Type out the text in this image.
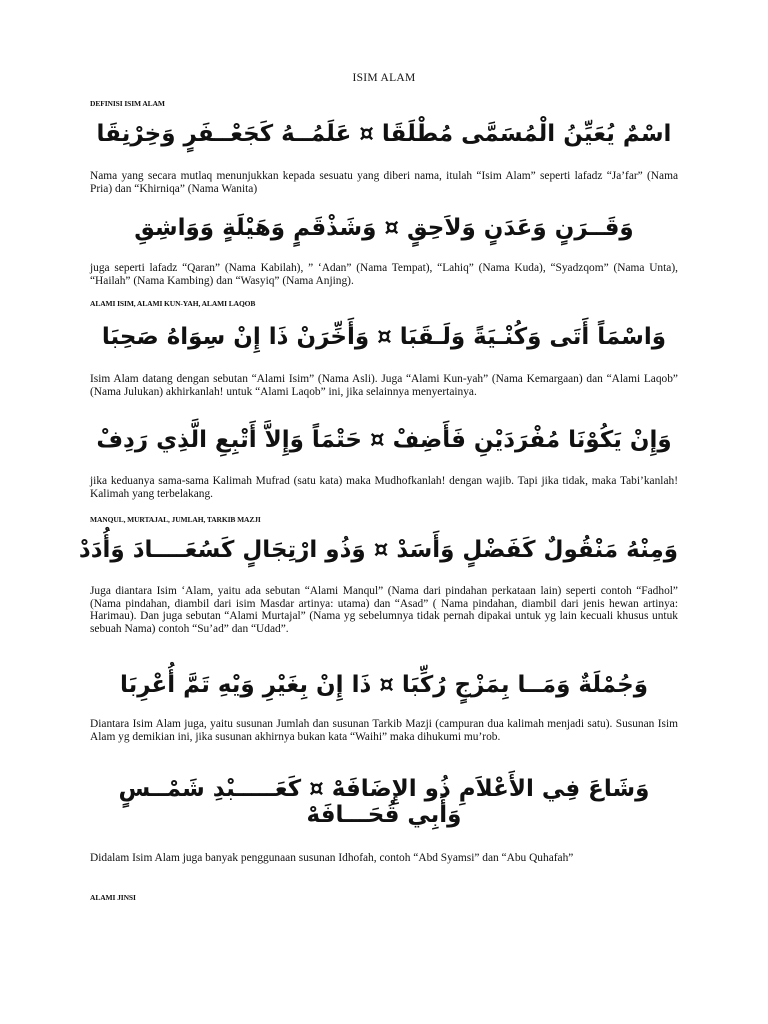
ISIM ALAM
DEFINISI ISIM ALAM
اسْمٌ يُعَيِّنُ الْمُسَمَّى مُطْلَقَا ¤ عَلَمُــهُ كَجَعْــفَرٍ وَخِرْنِقَا
Nama yang secara mutlaq menunjukkan kepada sesuatu yang diberi nama, itulah “Isim Alam” seperti lafadz “Ja’far” (Nama Pria) dan “Khirniqa” (Nama Wanita)
وَقَــرَنٍ وَعَدَنٍ وَلاَحِقٍ ¤ وَشَذْقَمٍ وَهَيْلَةٍ وَوَاشِقِ
juga seperti lafadz “Qaran” (Nama Kabilah), ” ‘Adan” (Nama Tempat), “Lahiq” (Nama Kuda), “Syadzqom” (Nama Unta), “Hailah” (Nama Kambing) dan “Wasyiq” (Nama Anjing).
ALAMI ISIM, ALAMI KUN-YAH, ALAMI LAQOB
وَاسْمَاً أَتَى وَكُنْـيَةً وَلَـقَبَا ¤ وَأَخِّرَنْ ذَا إِنْ سِوَاهُ صَحِبَا
Isim Alam datang dengan sebutan “Alami Isim” (Nama Asli). Juga “Alami Kun-yah” (Nama Kemargaan) dan “Alami Laqob” (Nama Julukan) akhirkanlah! untuk “Alami Laqob” ini, jika selainnya menyertainya.
وَإِنْ يَكُوْنَا مُفْرَدَيْنِ فَأَضِفْ ¤ حَتْمَاً وَإِلاَّ أَتْبِعِ الَّذِي رَدِفْ
jika keduanya sama-sama Kalimah Mufrad (satu kata) maka Mudhofkanlah! dengan wajib. Tapi jika tidak, maka Tabi’kanlah! Kalimah yang terbelakang.
MANQUL, MURTAJAL, JUMLAH, TARKIB MAZJI
وَمِنْهُ مَنْقُولٌ كَفَضْلٍ وَأَسَدْ ¤ وَذُو ارْتِجَالٍ كَسُعَــــادَ وَأُدَدْ
Juga diantara Isim ‘Alam, yaitu ada sebutan “Alami Manqul” (Nama dari pindahan perkataan lain) seperti contoh “Fadhol” (Nama pindahan, diambil dari isim Masdar artinya: utama) dan “Asad” ( Nama pindahan, diambil dari jenis hewan artinya: Harimau). Dan juga sebutan “Alami Murtajal” (Nama yg sebelumnya tidak pernah dipakai untuk yg lain kecuali khusus untuk sebuah Nama) contoh “Su’ad” dan “Udad”.
وَجُمْلَةٌ وَمَــا بِمَزْجٍ رُكِّبَا ¤ ذَا إِنْ بِغَيْرِ وَيْهِ تَمَّ أُعْرِبَا
Diantara Isim Alam juga, yaitu susunan Jumlah dan susunan Tarkib Mazji (campuran dua kalimah menjadi satu). Susunan Isim Alam yg demikian ini, jika susunan akhirnya bukan kata “Waihi” maka dihukumi mu’rob.
وَشَاعَ فِي الأَعْلاَمِ ذُو الإِضَافَهْ ¤ كَعَـــــبْدِ شَمْــسٍ وَأَبِي قُحَـــافَهْ
Didalam Isim Alam juga banyak penggunaan susunan Idhofah, contoh “Abd Syamsi” dan “Abu Quhafah”
ALAMI JINSI
